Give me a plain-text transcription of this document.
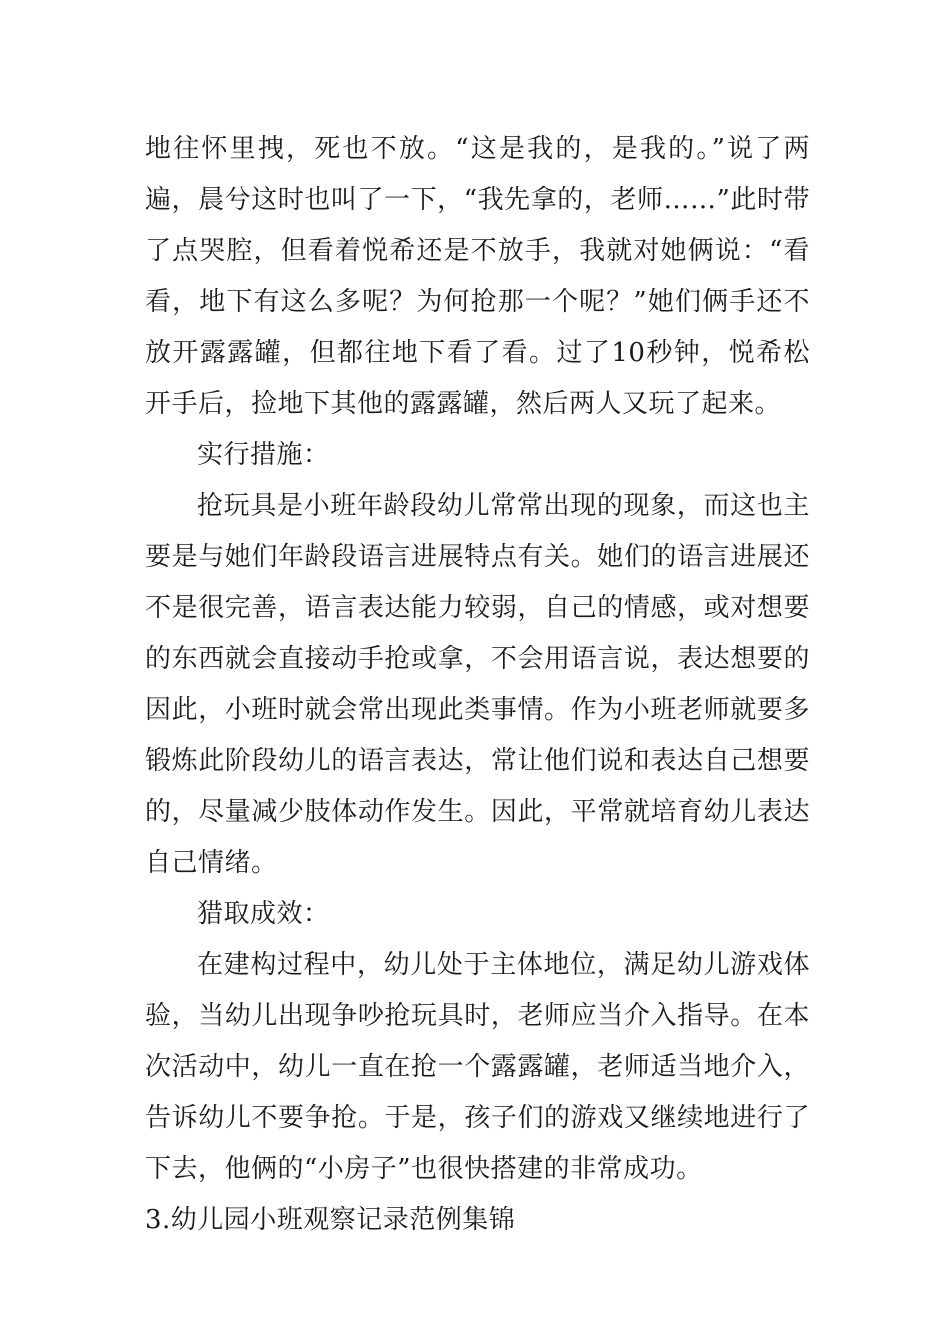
地往怀里拽，死也不放。“这是我的，是我的。”说了两遍，晨兮这时也叫了一下，“我先拿的，老师……”此时带了点哭腔，但看着悦希还是不放手，我就对她俩说：“看看，地下有这么多呢？为何抢那一个呢？”她们俩手还不放开露露罐，但都往地下看了看。过了10秒钟，悦希松开手后，捡地下其他的露露罐，然后两人又玩了起来。

实行措施：

抢玩具是小班年龄段幼儿常常出现的现象，而这也主要是与她们年龄段语言进展特点有关。她们的语言进展还不是很完善，语言表达能力较弱，自己的情感，或对想要的东西就会直接动手抢或拿，不会用语言说，表达想要的因此，小班时就会常出现此类事情。作为小班老师就要多锻炼此阶段幼儿的语言表达，常让他们说和表达自己想要的，尽量减少肢体动作发生。因此，平常就培育幼儿表达自己情绪。

猎取成效：

在建构过程中，幼儿处于主体地位，满足幼儿游戏体验，当幼儿出现争吵抢玩具时，老师应当介入指导。在本次活动中，幼儿一直在抢一个露露罐，老师适当地介入，告诉幼儿不要争抢。于是，孩子们的游戏又继续地进行了下去，他俩的“小房子”也很快搭建的非常成功。

3.幼儿园小班观察记录范例集锦
